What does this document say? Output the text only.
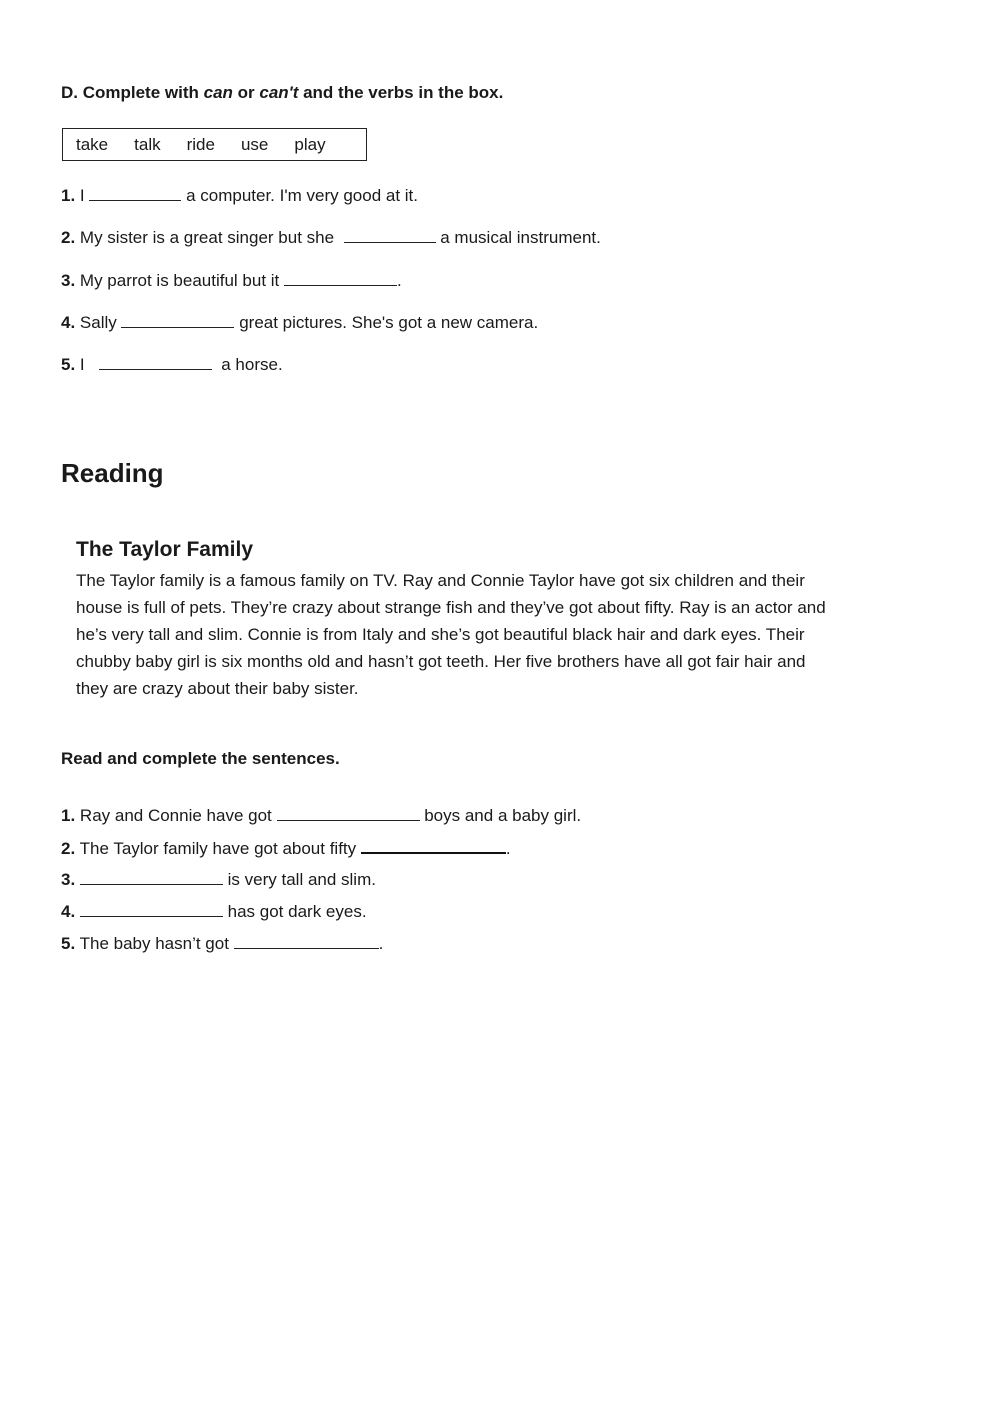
D. Complete with can or can't and the verbs in the box.
take talk ride use play
1. I	a computer. I'm very good at it.
2. My sister is a great singer but she	a musical instrument.
3. My parrot is beautiful but it	.
4. Sally	great pictures. She's got a new camera.
5. I	a horse.
Reading
The Taylor Family
The Taylor family is a famous family on TV. Ray and Connie Taylor have got six children and their
house is full of pets. They’re crazy about strange fish and they’ve got about fifty. Ray is an actor and
he’s very tall and slim. Connie is from Italy and she’s got beautiful black hair and dark eyes. Their
chubby baby girl is six months old and hasn’t got teeth. Her five brothers have all got fair hair and
they are crazy about their baby sister.
Read and complete the sentences.
1. Ray and Connie have got	boys and a baby girl.
2. The Taylor family have got about fifty	.
3.	is very tall and slim.
4.	has got dark eyes.
5. The baby hasn’t got	.
